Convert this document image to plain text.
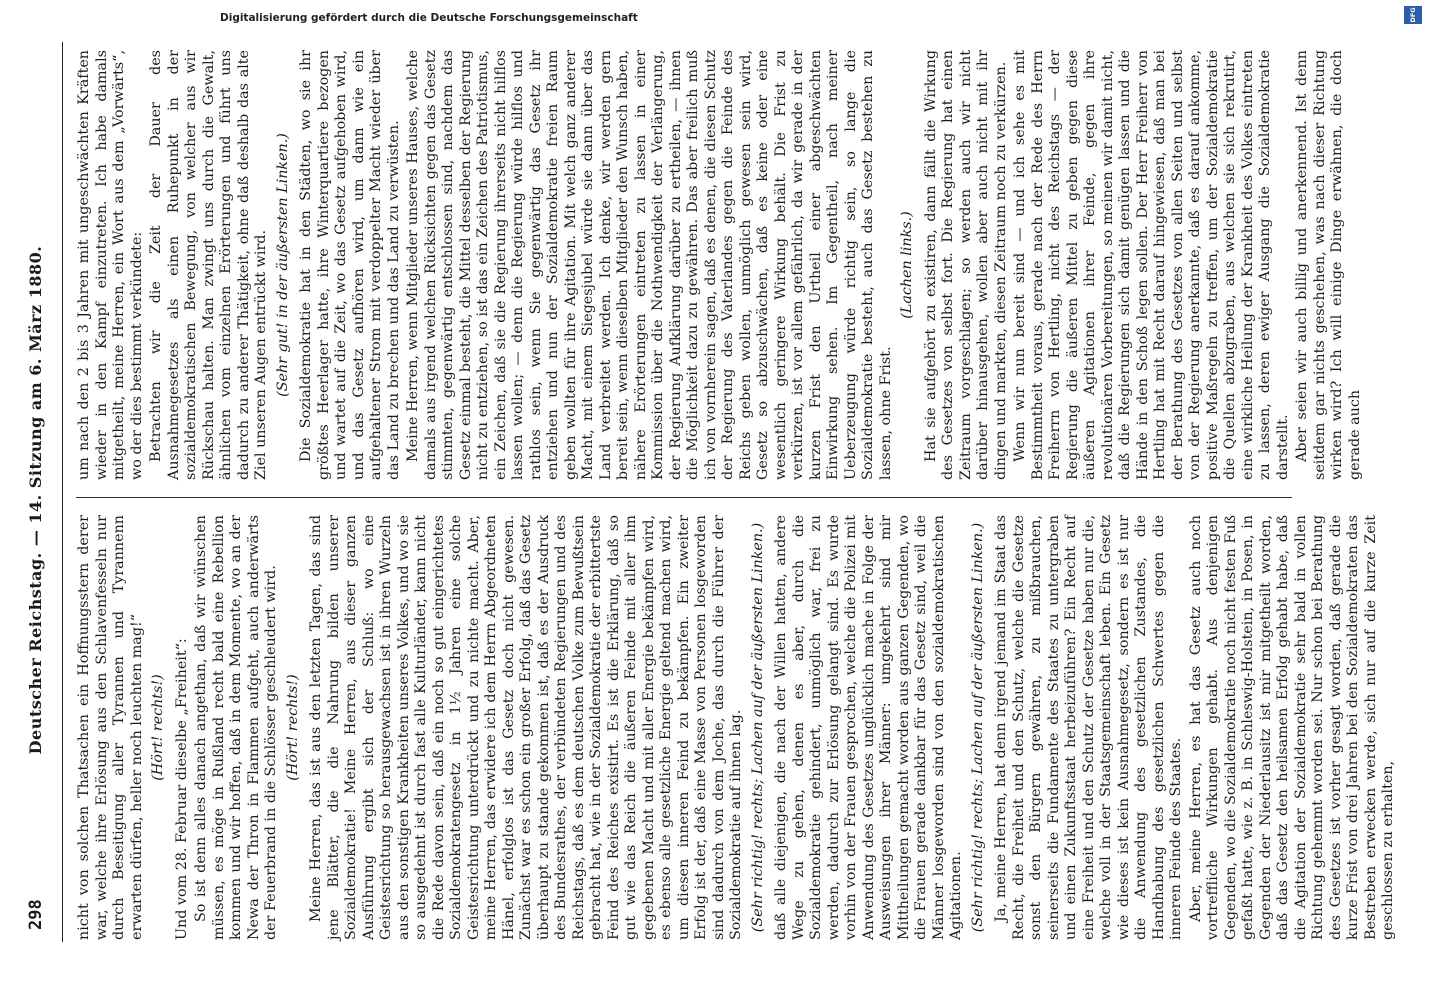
298
Deutscher Reichstag. — 14. Sitzung am 6. März 1880. nicht von solchen Thatsachen ein Hoffnungsstern derer war, welche ihre Erlösung aus den Schlavenfesseln nur durch Beseitigung aller Tyrannen und Tyrannenn erwarten dürfen, heller noch leuchten mag!“ (Hört! rechts!) Und vom 28. Februar dieselbe „Freiheit“: So ist denn alles danach angethan, daß wir wünschen müssen, es möge in Rußland recht bald eine Rebellion kommen und wir hoffen, daß in dem Momente, wo an der Newa der Thron in Flammen aufgeht, auch anderwärts der Feuerbrand in die Schlösser geschleudert wird. (Hört! rechts!) Meine Herren, das ist aus den letzten Tagen, das sind jene Blätter, die die Nahrung bilden unserer Sozialdemokratie! Meine Herren, aus dieser ganzen Ausführung ergibt sich der Schluß: wo eine Geistesrichtung so herausgewachsen ist in ihren Wurzeln aus den sonstigen Krankheiten unseres Volkes, und wo sie so ausgedehnt ist durch fast alle Kulturländer, kann nicht die Rede davon sein, daß ein noch so gut eingerichtetes Sozialdemokratengesetz in 1½ Jahren eine solche Geistesrichtung unterdrückt und zu nichte macht. Aber, meine Herren, das erwidere ich dem Herrn Abgeordneten Hänel, erfolglos ist das Gesetz doch nicht gewesen. Zunächst war es schon ein großer Erfolg, daß das Gesetz überhaupt zu stande gekommen ist, daß es der Ausdruck des Bundesrathes, der verbündeten Regierungen und des Reichstags, daß es dem deutschen Volke zum Bewußtsein gebracht hat, wie in der Sozialdemokratie der erbittertste Feind des Reiches existirt. Es ist die Erklärung, daß so gut wie das Reich die äußeren Feinde mit aller ihm gegebenen Macht und mit aller Energie bekämpfen wird, es ebenso alle gesetzliche Energie geltend machen wird, um diesen inneren Feind zu bekämpfen. Ein zweiter Erfolg ist der, daß eine Masse von Personen losgeworden sind dadurch von dem Joche, das durch die Führer der Sozialdemokratie auf ihnen lag. (Sehr richtig! rechts; Lachen auf der äußersten Linken.) daß alle diejenigen, die nach der Willen hatten, andere Wege zu gehen, denen es aber, durch die Sozialdemokratie gehindert, unmöglich war, frei zu werden, dadurch zur Erlösung gelangt sind. Es wurde vorhin von der Frauen gesprochen, welche die Polizei mit Anwendung des Gesetzes unglücklich mache in Folge der Ausweisungen ihrer Männer: umgekehrt sind mir Mittheilungen gemacht worden aus ganzen Gegenden, wo die Frauen gerade dankbar für das Gesetz sind, weil die Männer losgeworden sind von den sozialdemokratischen Agitationen. (Sehr richtig! rechts; Lachen auf der äußersten Linken.) Ja, meine Herren, hat denn irgend jemand im Staat das Recht, die Freiheit und den Schutz, welche die Gesetze sonst den Bürgern gewähren, zu mißbrauchen, seinerseits die Fundamente des Staates zu untergraben und einen Zukunftsstaat herbeizuführen? Ein Recht auf eine Freiheit und den Schutz der Gesetze haben nur die, welche voll in der Staatsgemeinschaft leben. Ein Gesetz wie dieses ist kein Ausnahmegesetz, sondern es ist nur die Anwendung des gesetzlichen Zustandes, die Handhabung des gesetzlichen Schwertes gegen die inneren Feinde des Staates. Aber, meine Herren, es hat das Gesetz auch noch vortreffliche Wirkungen gehabt. Aus denjenigen Gegenden, wo die Sozialdemokratie noch nicht festen Fuß gefaßt hatte, wie z. B. in Schleswig-Holstein, in Posen, in Gegenden der Niederlausitz ist mir mitgetheilt worden, daß das Gesetz den heilsamen Erfolg gehabt habe, daß die Agitation der Sozialdemokratie sehr bald in vollen Richtung gehemmt worden sei. Nur schon bei Berathung des Gesetzes ist vorher gesagt worden, daß gerade die kurze Frist von drei Jahren bei den Sozialdemokraten das Bestreben erwecken werde, sich nur auf die kurze Zeit geschlossen zu erhalten,

um nach den 2 bis 3 Jahren mit ungeschwächten Kräften wieder in den Kampf einzutreten. Ich habe damals mitgetheilt, meine Herren, ein Wort aus dem „Vorwärts“, wo der dies bestimmt verkündete: Betrachten wir die Zeit der Dauer des Ausnahmegesetzes als einen Ruhepunkt in der sozialdemokratischen Bewegung, von welcher aus wir Rückschau halten. Man zwingt uns durch die Gewalt, ähnlichen vom einzelnen Erörterungen und führt uns dadurch zu anderer Thätigkeit, ohne daß deshalb das alte Ziel unseren Augen entrückt wird. (Sehr gut! in der äußersten Linken.) Die Sozialdemokratie hat in den Städten, wo sie ihr größtes Heerlager hatte, ihre Winterquartiere bezogen und wartet auf die Zeit, wo das Gesetz aufgehoben wird, und das Gesetz aufhören wird, um dann wie ein aufgehaltener Strom mit verdoppelter Macht wieder über das Land zu brechen und das Land zu verwüsten. Meine Herren, wenn Mitglieder unseres Hauses, welche damals aus irgend welchen Rücksichten gegen das Gesetz stimmten, gegenwärtig entschlossen sind, nachdem das Gesetz einmal besteht, die Mittel desselben der Regierung nicht zu entziehen, so ist das ein Zeichen des Patriotismus, ein Zeichen, daß sie die Regierung ihrerseits nicht hilflos lassen wollen; — denn die Regierung würde hilflos und rathlos sein, wenn Sie gegenwärtig das Gesetz ihr entziehen und nun der Sozialdemokratie freien Raum geben wollten für ihre Agitation. Mit welch ganz anderer Macht, mit einem Siegesjubel würde sie dann über das Land verbreitet werden. Ich denke, wir werden gern bereit sein, wenn dieselben Mitglieder den Wunsch haben, nähere Erörterungen eintreten zu lassen in einer Kommission über die Nothwendigkeit der Verlängerung, der Regierung Aufklärung darüber zu ertheilen, — ihnen die Möglichkeit dazu zu gewähren. Das aber freilich muß ich von vornherein sagen, daß es denen, die diesen Schutz der Regierung des Vaterlandes gegen die Feinde des Reichs geben wollen, unmöglich gewesen sein wird, Gesetz so abzuschwächen, daß es keine oder eine wesentlich geringere Wirkung behält. Die Frist zu verkürzen, ist vor allem gefährlich, da wir gerade in der kurzen Frist den Urtheil einer abgeschwächten Einwirkung sehen. Im Gegentheil, nach meiner Ueberzeugung würde richtig sein, so lange die Sozialdemokratie besteht, auch das Gesetz bestehen zu lassen, ohne Frist.

(Lachen links.) Hat sie aufgehört zu existiren, dann fällt die Wirkung des Gesetzes von selbst fort. Die Regierung hat einen Zeitraum vorgeschlagen; so werden auch wir nicht darüber hinausgehen, wollen aber auch nicht mit ihr dingen und markten, diesen Zeitraum noch zu verkürzen. Wenn wir nun bereit sind — und ich sehe es mit Bestimmtheit voraus, gerade nach der Rede des Herrn Freiherrn von Hertling, nicht des Reichstags — der Regierung die äußeren Mittel zu geben gegen diese äußeren Agitationen ihrer Feinde, gegen ihre revolutionären Vorbereitungen, so meinen wir damit nicht, daß die Regierungen sich damit genügen lassen und die Hände in den Schoß legen sollen. Der Herr Freiherr von Hertling hat mit Recht darauf hingewiesen, daß man bei der Berathung des Gesetzes von allen Seiten und selbst von der Regierung anerkannte, daß es darauf ankomme, positive Maßregeln zu treffen, um der Sozialdemokratie die Quellen abzugraben, aus welchen sie sich rekrutirt, eine wirkliche Heilung der Krankheit des Volkes eintreten zu lassen, deren ewiger Ausgang die Sozialdemokratie darstellt. Aber seien wir auch billig und anerkennend. Ist denn seitdem gar nichts geschehen, was nach dieser Richtung wirken wird? Ich will einige Dinge erwähnen, die doch gerade auch

Digitalisierung gefördert durch die Deutsche Forschungsgemeinschaft	DFG
